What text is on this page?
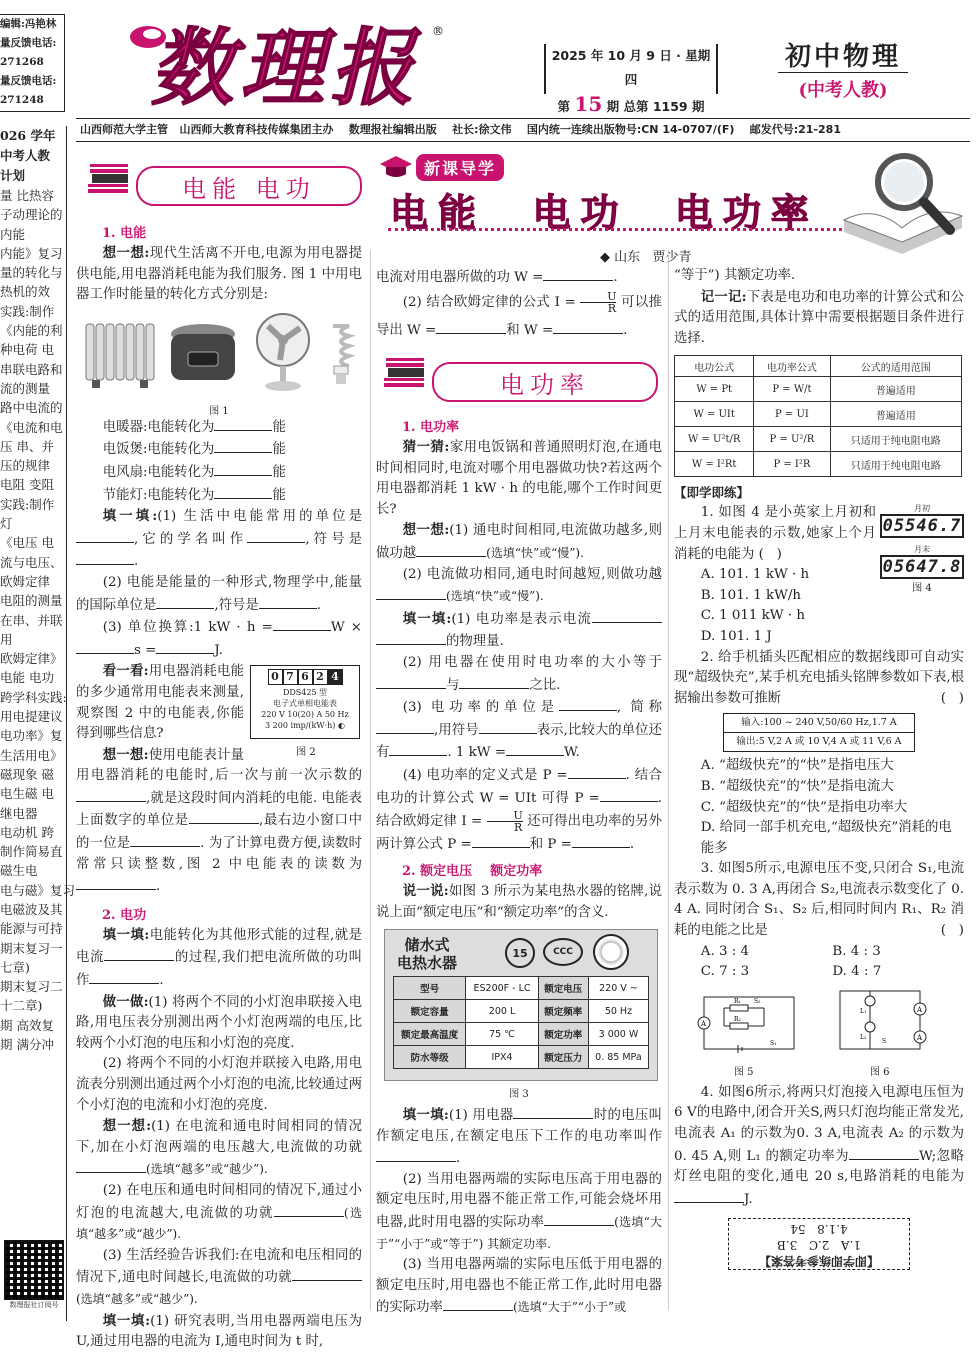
编辑:冯艳林
量反馈电话:
271268
量反馈电话:
271248 数理报 ®
2025 年 10 月 9 日 · 星期四
第 15 期 总第 1159 期
初中物理
(中考人教)
山西师范大学主管   山西师大教育科技传媒集团主办    数理报社编辑出版    社长:徐文伟    国内统一连续出版物号:CN 14-0707/(F)    邮发代号:21-281
026 学年
中考人教
计划
量 比热容
子动理论的
内能
内能》复习
量的转化与
热机的效
实践:制作
《内能的利
种电荷 电
串联电路和
流的测量
路中电流的
《电流和电
压 串、并
压的规律
电阻 变阻
实践:制作
灯
《电压 电
流与电压、
欧姆定律
电阻的测量
在串、并联
用
欧姆定律》
电能 电功
跨学科实践:
用电提建议
电功率》复
生活用电》
磁现象 磁
电生磁 电
继电器
电动机 跨
制作简易直
磁生电
电与磁》复习
电磁波及其
能源与可持
期末复习一
七章)
期末复习二
十二章)
期 高效复
期 满分冲
数理报社订阅号
电能 电功
1. 电能

想一想:现代生活离不开电,电源为用电器提供电能,用电器消耗电能为我们服务. 图 1 中用电器工作时能量的转化方式分别是:

图 1

电暖器:电能转化为	能

电饭煲:电能转化为	能

电风扇:电能转化为	能

节能灯:电能转化为	能

填一填:(1) 生活中电能常用的单位是,它的学名叫作	,符号是.

(2) 电能是能量的一种形式,物理学中,能量的国际单位是	,符号是	.

(3) 单位换算:1 kW · h =	W ×s =	J.

0 7 6 2 4
DDS425 型
电子式单相电能表
220 V 10(20) A 50 Hz
3 200 imp/(kW·h) ◐
图 2

看一看:用电器消耗电能的多少通常用电能表来测量,观察图 2 中的电能表,你能得到哪些信息?

想一想:使用电能表计量用电器消耗的电能时,后一次与前一次示数的,就是这段时间内消耗的电能. 电能表上面数字的单位是	,最右边小窗口中的一位是	. 为了计算电费方便,读数时常常只读整数,图 2 中电能表的读数为.

2. 电功

填一填:电能转化为其他形式能的过程,就是电流	的过程,我们把电流所做的功叫作	.

做一做:(1) 将两个不同的小灯泡串联接入电路,用电压表分别测出两个小灯泡两端的电压,比较两个小灯泡的电压和小灯泡的亮度.

(2) 将两个不同的小灯泡并联接入电路,用电流表分别测出通过两个小灯泡的电流,比较通过两个小灯泡的电流和小灯泡的亮度.

想一想:(1) 在电流和通电时间相同的情况下,加在小灯泡两端的电压越大,电流做的功就(选填“越多”或“越少”).

(2) 在电压和通电时间相同的情况下,通过小灯泡的电流越大,电流做的功就	(选填“越多”或“越少”).

(3) 生活经验告诉我们:在电流和电压相同的情况下,通电时间越长,电流做的功就(选填“越多”或“越少”).

填一填:(1) 研究表明,当用电器两端电压为 U,通过用电器的电流为 I,通电时间为 t 时,

新课导学
电能  电功  电功率
◆ 山东   贾少青

电流对用电器所做的功 W =	.

(2) 结合欧姆定律的公式 $I = \frac{U}{R}$ 可以推导出 W =	和 W =	.

电功率
1. 电功率

猜一猜:家用电饭锅和普通照明灯泡,在通电时间相同时,电流对哪个用电器做功快?若这两个用电器都消耗 1 kW · h 的电能,哪个工作时间更长?

想一想:(1) 通电时间相同,电流做功越多,则做功越	(选填“快”或“慢”).

(2) 电流做功相同,通电时间越短,则做功越(选填“快”或“慢”).

填一填:(1) 电功率是表示电流的物理量.

(2) 用电器在使用时电功率的大小等于与	之比.

(3) 电功率的单位是	, 简称,用符号	表示,比较大的单位还有	. 1 kW =	W.

(4) 电功率的定义式是 P =	. 结合电功的计算公式 W = UIt 可得 P =	. 结合欧姆定律 $I = \frac{U}{R}$ 还可得出电功率的另外两计算公式 P =	和 P =	.

2. 额定电压    额定功率

说一说:如图 3 所示为某电热水器的铭牌,说说上面“额定电压”和“额定功率”的含义.

储水式
电热水器
15	CCC
型号	ES200F - LC	额定电压	220 V ~
额定容量	200 L	额定频率	50 Hz
额定最高温度	75 ℃	额定功率	3 000 W
防水等级	IPX4	额定压力	0. 85 MPa
图 3

填一填:(1) 用电器	时的电压叫作额定电压,在额定电压下工作的电功率叫作.

(2) 当用电器两端的实际电压高于用电器的额定电压时,用电器不能正常工作,可能会烧坏用电器,此时用电器的实际功率	(选填“大于”“小于”或“等于”) 其额定功率.

(3) 当用电器两端的实际电压低于用电器的额定电压时,用电器也不能正常工作,此时用电器的实际功率	(选填“大于”“小于”或

“等于”) 其额定功率.

记一记:下表是电功和电功率的计算公式和公式的适用范围,具体计算中需要根据题目条件进行选择.

电功公式	电功率公式	公式的适用范围
W = Pt	P = W/t	普遍适用
W = UIt	P = UI	普遍适用
W = U²t/R	P = U²/R	只适用于纯电阻电路
W = I²Rt	P = I²R	只适用于纯电阻电路
【即学即练】
月初
05546.7
月末
05647.8
图 4

1. 如图 4 是小英家上月初和上月末电能表的示数,她家上个月消耗的电能为 (   )

A. 101. 1 kW · h
B. 101. 1 kW/h
C. 1 011 kW · h
D. 101. 1 J

2. 给手机插头匹配相应的数据线即可自动实现“超级快充”,某手机充电插头铭牌参数如下表,根据输出参数可推断	(   )

输入:100 ~ 240 V,50/60 Hz,1.7 A
输出:5 V,2 A 或 10 V,4 A 或 11 V,6 A
A. “超级快充”的“快”是指电压大
B. “超级快充”的“快”是指电流大
C. “超级快充”的“快”是指电功率大
D. 给同一部手机充电,“超级快充”消耗的电能多

3. 如图5所示,电源电压不变,只闭合 S₁,电流表示数为 0. 3 A,再闭合 S₂,电流表示数变化了 0. 4 A. 同时闭合 S₁、S₂ 后,相同时间内 R₁、R₂ 消耗的电能之比是	(   )

A. 3 : 4	B. 4 : 3
C. 7 : 3	D. 4 : 7
A
R₁
R₂
S₂
S₁
图 5
L₁
L₂
A
A
S
图 6

4. 如图6所示,将两只灯泡接入电源电压恒为6 V的电路中,闭合开关S,两只灯泡均能正常发光,电流表 A₁ 的示数为0. 3 A,电流表 A₂ 的示数为0. 45 A,则 L₁ 的额定功率为	W;忽略灯丝电阻的变化,通电 20 s,电路消耗的电能为J.

【即学即练参考答案】
1.A   2.C   3.B
4.1.8   54
